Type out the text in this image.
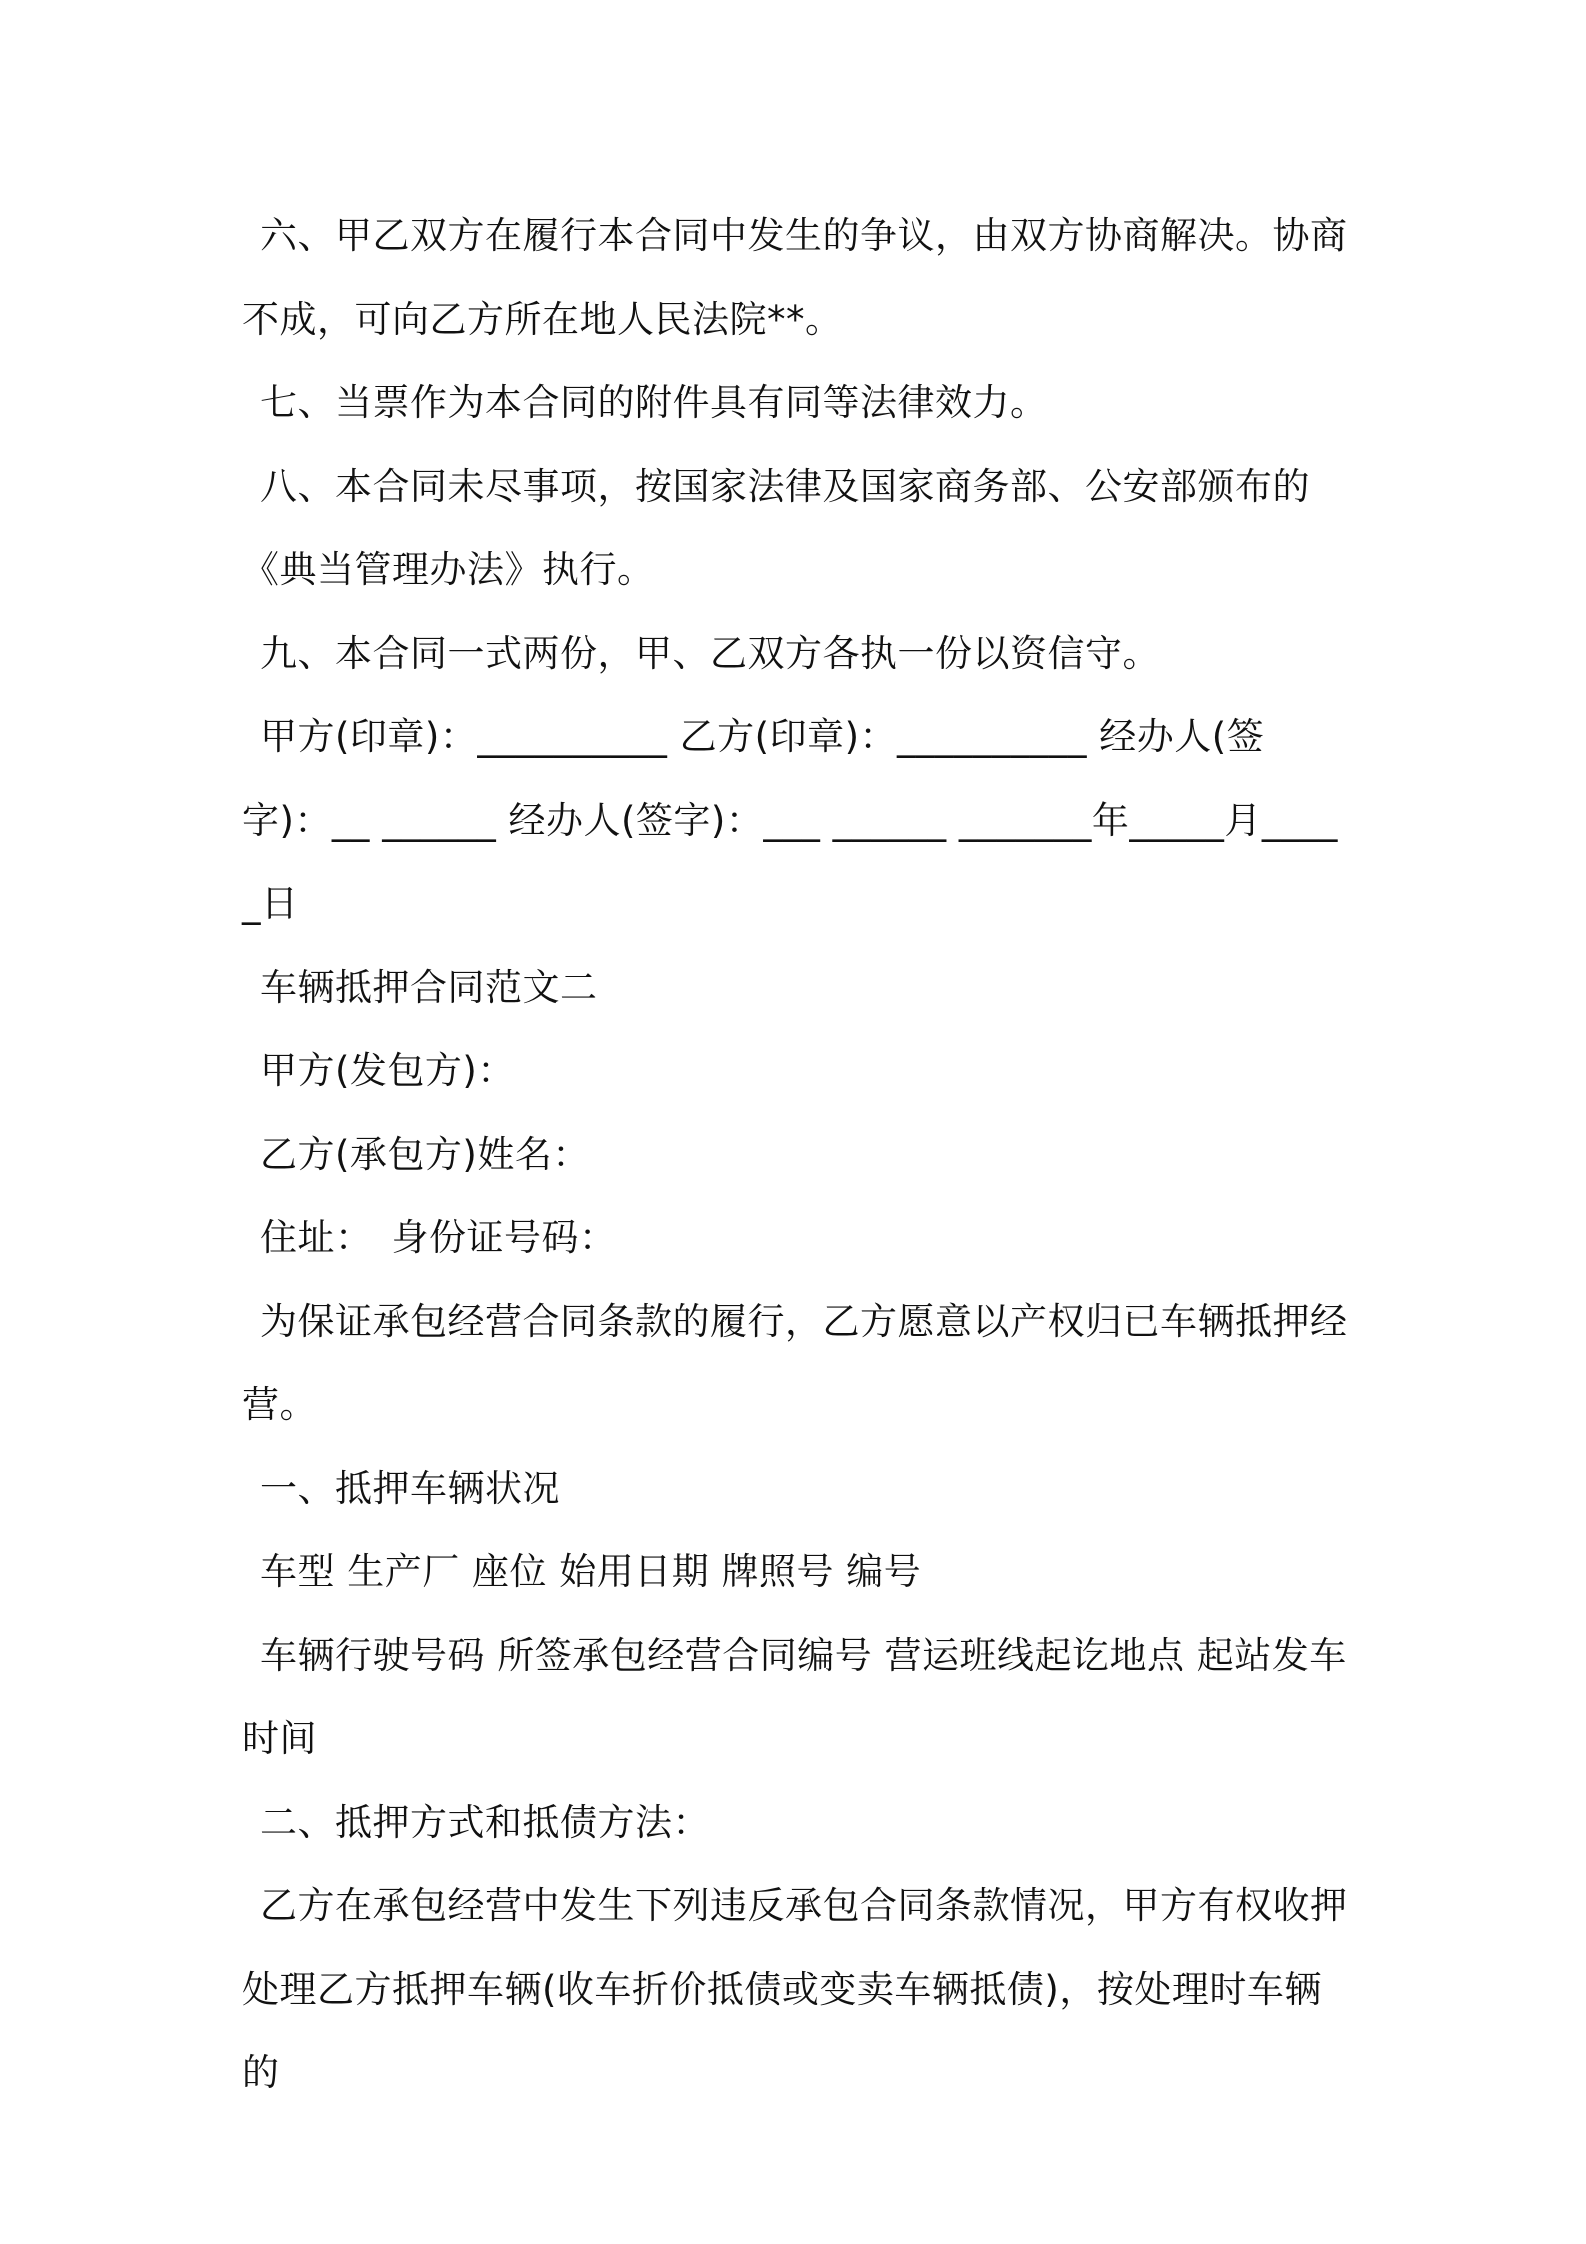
六、甲乙双方在履行本合同中发生的争议，由双方协商解决。协商不成，可向乙方所在地人民法院**。

七、当票作为本合同的附件具有同等法律效力。

八、本合同未尽事项，按国家法律及国家商务部、公安部颁布的《典当管理办法》执行。

九、本合同一式两份，甲、乙双方各执一份以资信守。

甲方(印章)：__________ 乙方(印章)：__________ 经办人(签字)：__ ______ 经办人(签字)：___ ______ _______年_____月_____日

车辆抵押合同范文二

甲方(发包方)：

乙方(承包方)姓名：

住址：　身份证号码：

为保证承包经营合同条款的履行，乙方愿意以产权归已车辆抵押经营。

一、抵押车辆状况

车型 生产厂 座位 始用日期 牌照号 编号

车辆行驶号码 所签承包经营合同编号 营运班线起讫地点 起站发车时间

二、抵押方式和抵债方法：

乙方在承包经营中发生下列违反承包合同条款情况，甲方有权收押处理乙方抵押车辆(收车折价抵债或变卖车辆抵债)，按处理时车辆的
